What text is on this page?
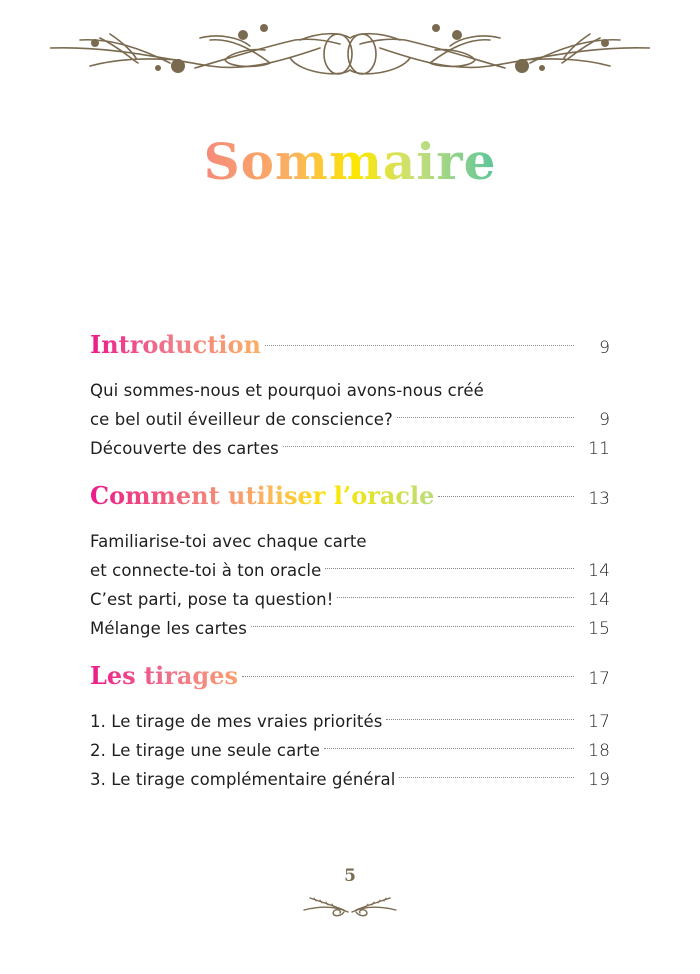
Sommaire
Introduction	9
Qui sommes-nous et pourquoi avons-nous créé
ce bel outil éveilleur de conscience?	9
Découverte des cartes	11
Comment utiliser l’oracle	13
Familiarise-toi avec chaque carte
et connecte-toi à ton oracle	14
C’est parti, pose ta question!	14
Mélange les cartes	15
Les tirages	17
1. Le tirage de mes vraies priorités	17
2. Le tirage une seule carte	18
3. Le tirage complémentaire général	19
5
